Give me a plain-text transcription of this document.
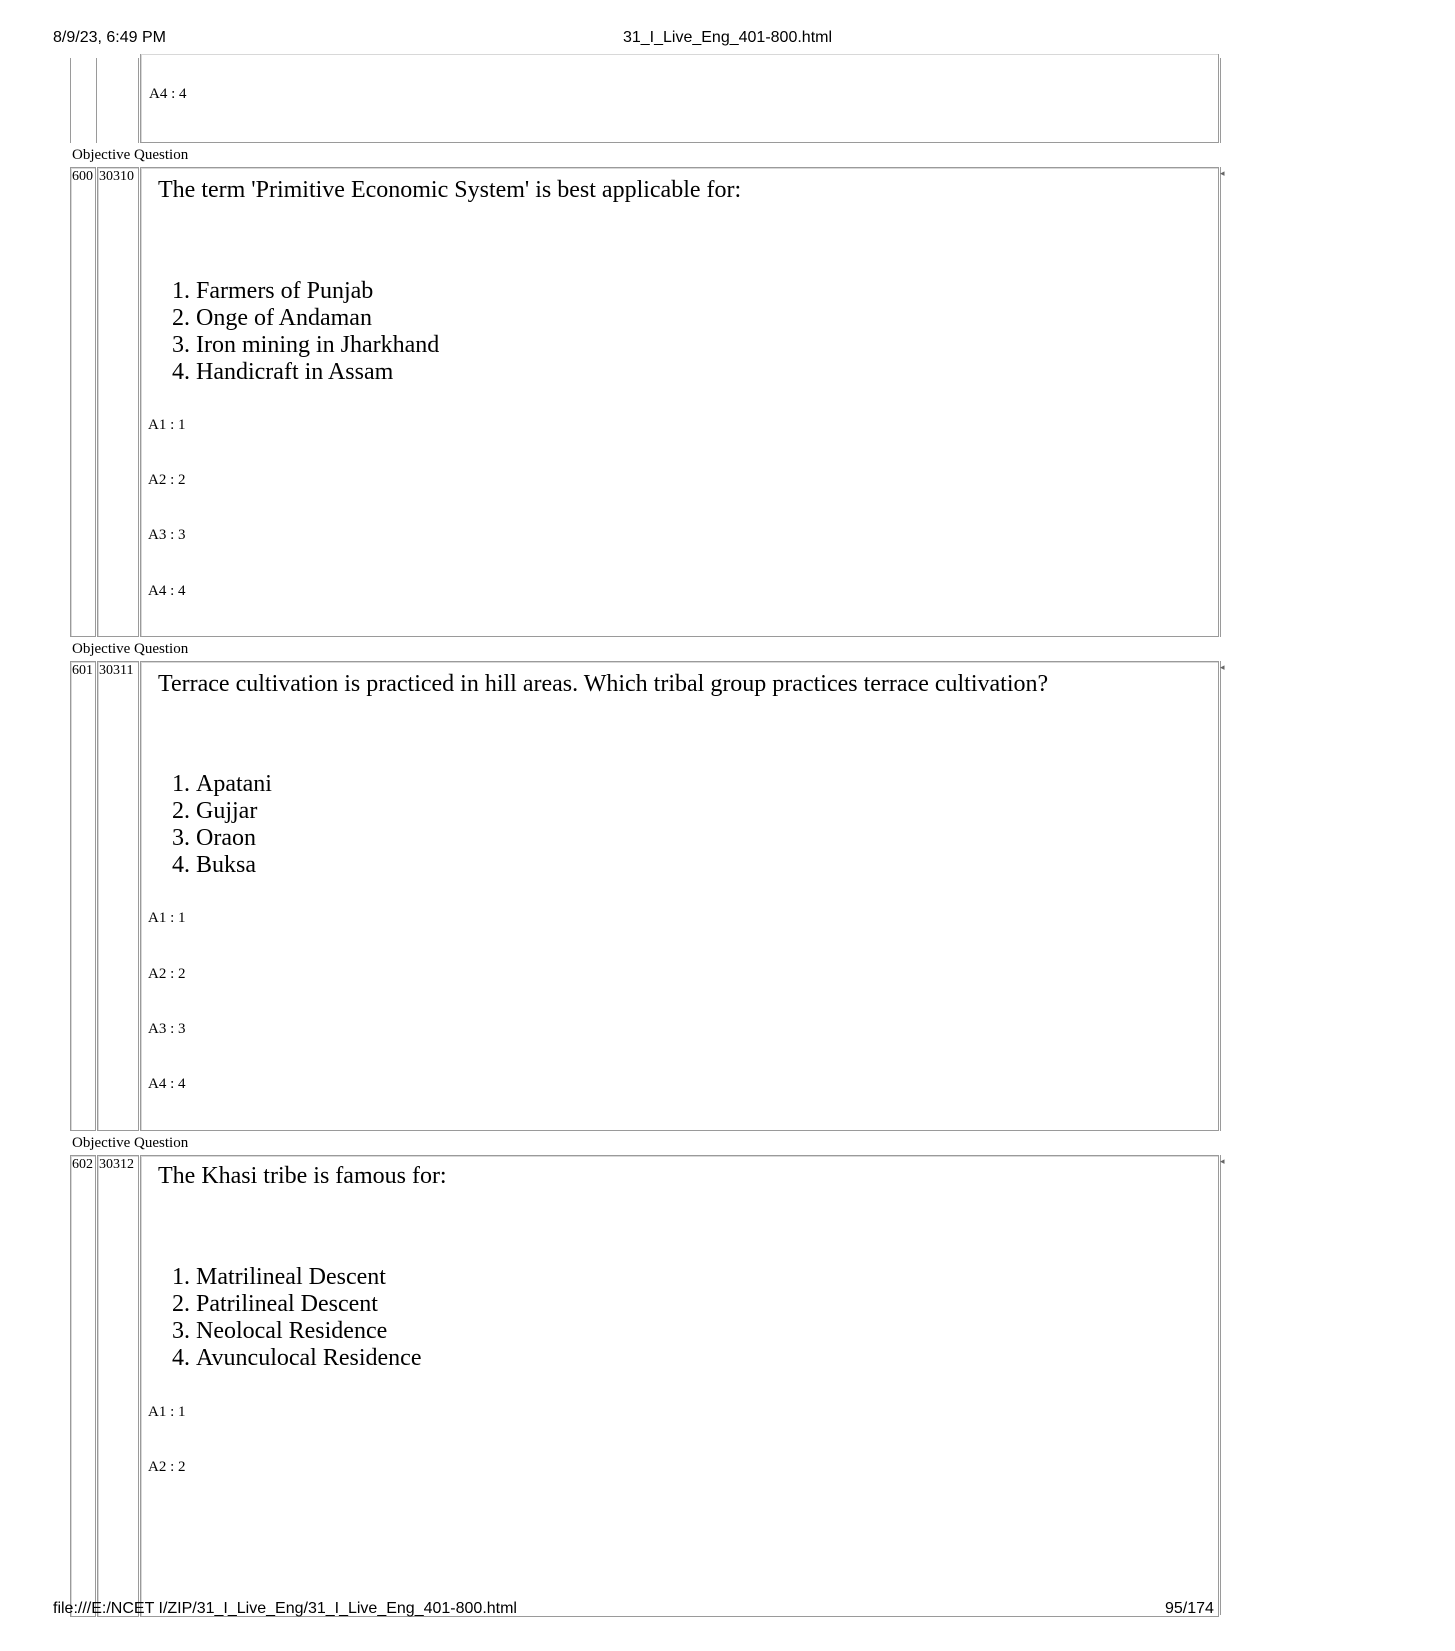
8/9/23, 6:49 PM	31_I_Live_Eng_401-800.html
A4 : 4
Objective Question
600 30310	◂
The term 'Primitive Economic System' is best applicable for:
1. Farmers of Punjab
2. Onge of Andaman
3. Iron mining in Jharkhand
4. Handicraft in Assam
A1 : 1
A2 : 2
A3 : 3
A4 : 4
Objective Question
601 30311	◂
Terrace cultivation is practiced in hill areas. Which tribal group practices terrace cultivation?
1. Apatani
2. Gujjar
3. Oraon
4. Buksa
A1 : 1
A2 : 2
A3 : 3
A4 : 4
Objective Question
602 30312	◂
The Khasi tribe is famous for:
1. Matrilineal Descent
2. Patrilineal Descent
3. Neolocal Residence
4. Avunculocal Residence
A1 : 1
A2 : 2
file:///E:/NCET I/ZIP/31_I_Live_Eng/31_I_Live_Eng_401-800.html	95/174
